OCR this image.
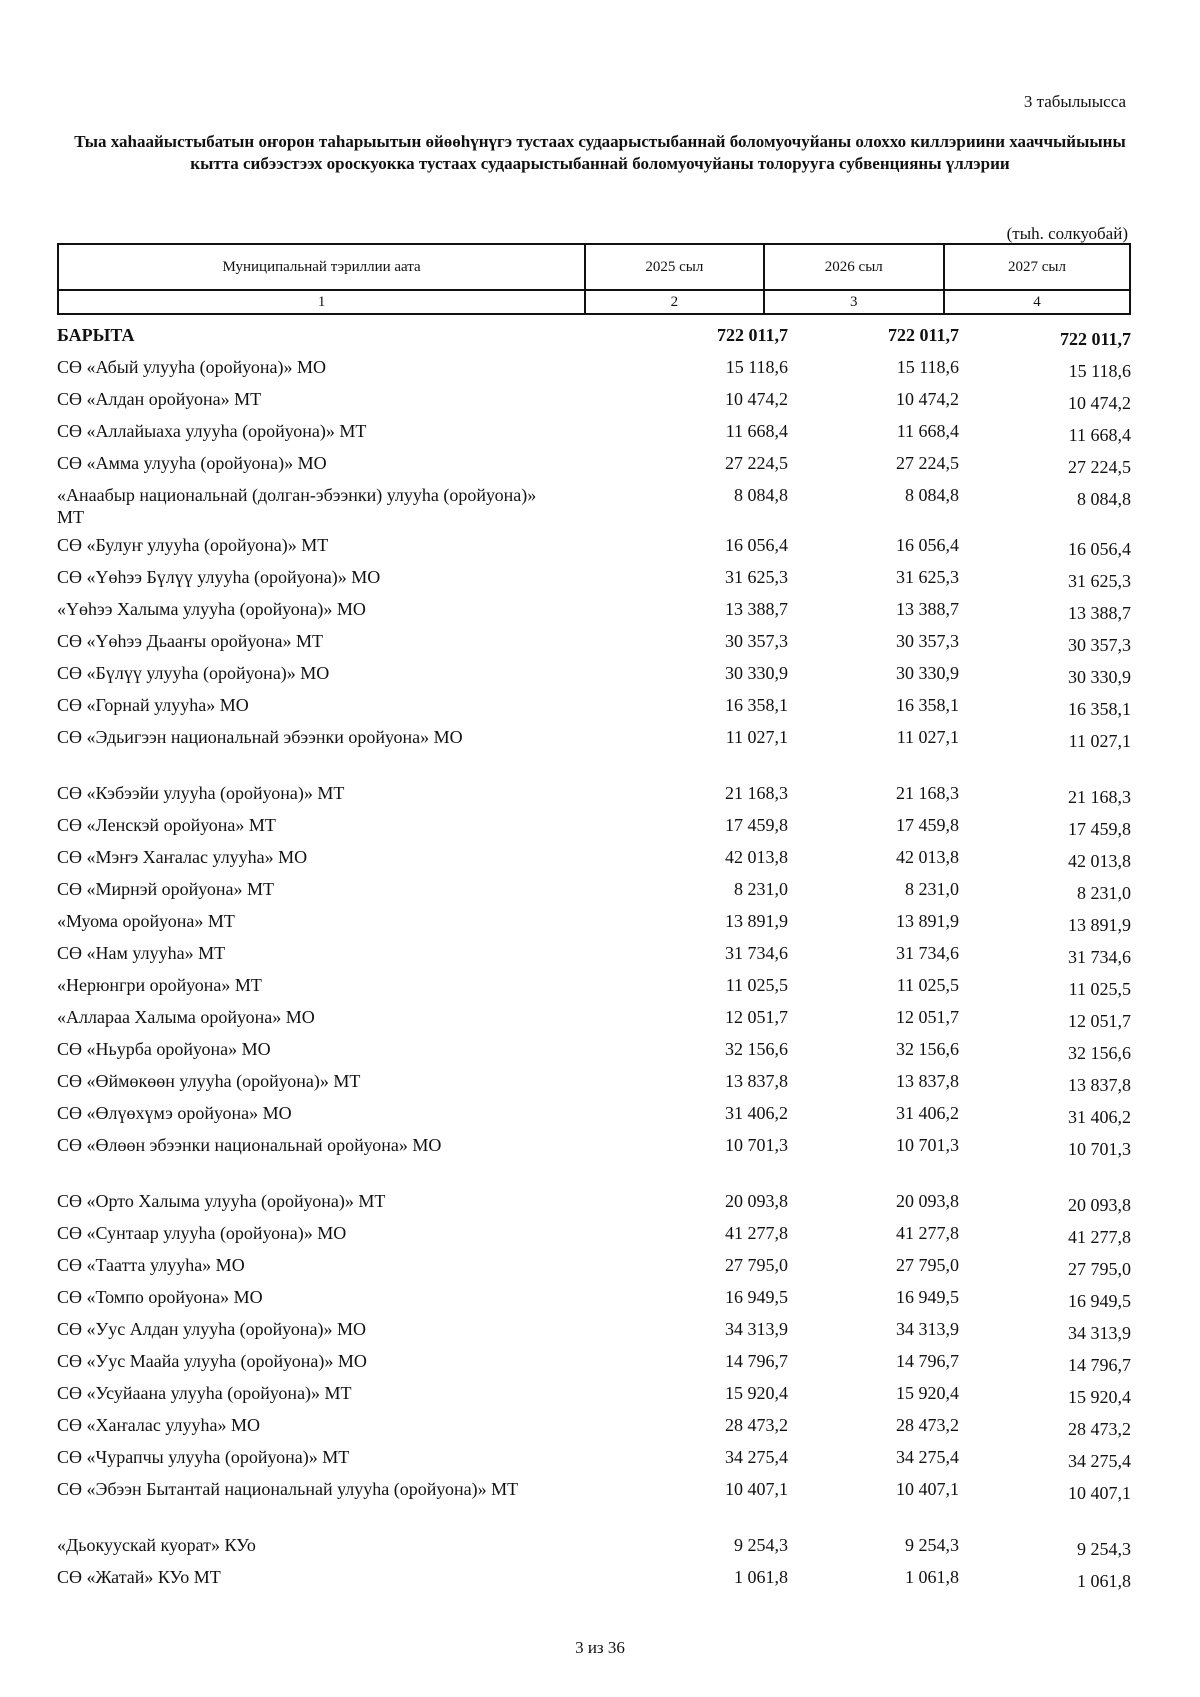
3 табылыысса
Тыа хаһаайыстыбатын оҥорон таһарыытын өйөөһүнүгэ тустаах судаарыстыбаннай боломуочуйаны олоххо киллэриини хааччыйыыны кытта сибээстээх ороскуокка тустаах судаарыстыбаннай боломуочуйаны толоруугa субвенцияны үллэрии
(тыһ. солкуобай)
Муниципальнай тэриллии аата	2025 сыл	2026 сыл	2027 сыл
1	2	3	4
БАРЫТА	722 011,7	722 011,7	722 011,7
СӨ «Абый улууһа (оройуона)» МО	15 118,6	15 118,6	15 118,6
СӨ «Алдан оройуона» МТ	10 474,2	10 474,2	10 474,2
СӨ «Аллайыаха улууһа (оройуона)» МТ	11 668,4	11 668,4	11 668,4
СӨ «Амма улууһа (оройуона)» МО	27 224,5	27 224,5	27 224,5
«Анаабыр национальнай (долган-эбээнки) улууһа (оройуона)» МТ
8 084,8	8 084,8	8 084,8
СӨ «Булуҥ улууһа (оройуона)» МТ	16 056,4	16 056,4	16 056,4
СӨ «Үөһээ Бүлүү улууһа (оройуона)» МО	31 625,3	31 625,3	31 625,3
«Үөһээ Халыма улууһа (оройуона)» МО	13 388,7	13 388,7	13 388,7
СӨ «Үөһээ Дьааҥы оройуона» МТ	30 357,3	30 357,3	30 357,3
СӨ «Бүлүү улууһа (оройуона)» МО	30 330,9	30 330,9	30 330,9
СӨ «Горнай улууһа» МО	16 358,1	16 358,1	16 358,1
СӨ «Эдьигээн национальнай эбээнки оройуона» МО	11 027,1	11 027,1	11 027,1
СӨ «Кэбээйи улууһа (оройуона)» МТ	21 168,3	21 168,3	21 168,3
СӨ «Ленскэй оройуона» МТ	17 459,8	17 459,8	17 459,8
СӨ «Мэҥэ Хаҥалас улууһа» МО	42 013,8	42 013,8	42 013,8
СӨ «Мирнэй оройуона» МТ	8 231,0	8 231,0	8 231,0
«Муома оройуона» МТ	13 891,9	13 891,9	13 891,9
СӨ «Нам улууһа» МТ	31 734,6	31 734,6	31 734,6
«Нерюнгри оройуона» МТ	11 025,5	11 025,5	11 025,5
«Аллараа Халыма оройуона» МО	12 051,7	12 051,7	12 051,7
СӨ «Ньурба оройуона» МО	32 156,6	32 156,6	32 156,6
СӨ «Өймөкөөн улууһа (оройуона)» МТ	13 837,8	13 837,8	13 837,8
СӨ «Өлүөхүмэ оройуона» МО	31 406,2	31 406,2	31 406,2
СӨ «Өлөөн эбээнки национальнай оройуона» МО	10 701,3	10 701,3	10 701,3
СӨ «Орто Халыма улууһа (оройуона)» МТ	20 093,8	20 093,8	20 093,8
СӨ «Сунтаар улууһа (оройуона)» МО	41 277,8	41 277,8	41 277,8
СӨ «Таатта улууһа» МО	27 795,0	27 795,0	27 795,0
СӨ «Томпо оройуона» МО	16 949,5	16 949,5	16 949,5
СӨ «Уус Алдан улууһа (оройуона)» МО	34 313,9	34 313,9	34 313,9
СӨ «Уус Маайа улууһа (оройуона)» МО	14 796,7	14 796,7	14 796,7
СӨ «Усуйаана улууһа (оройуона)» МТ	15 920,4	15 920,4	15 920,4
СӨ «Хаҥалас улууһа» МО	28 473,2	28 473,2	28 473,2
СӨ «Чурапчы улууһа (оройуона)» МТ	34 275,4	34 275,4	34 275,4
СӨ «Эбээн Бытантай национальнай улууһа (оройуона)» МТ	10 407,1	10 407,1	10 407,1
«Дьокуускай куорат» КУо	9 254,3	9 254,3	9 254,3
СӨ «Жатай» КУо МТ	1 061,8	1 061,8	1 061,8
3 из 36
